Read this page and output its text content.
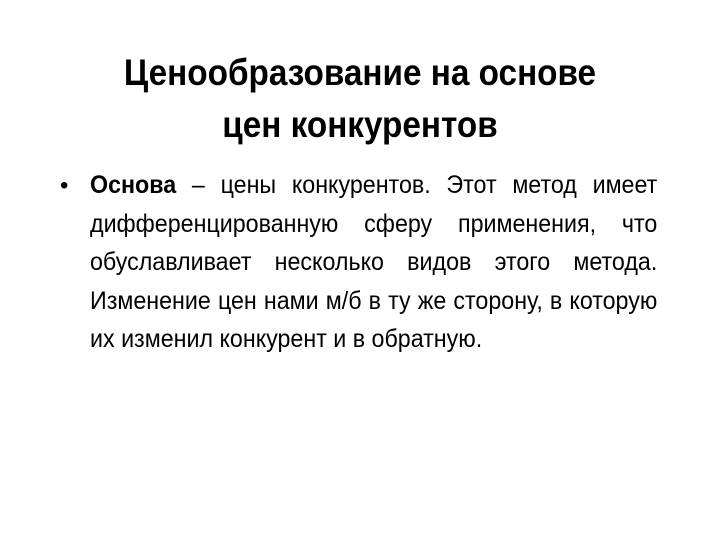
Ценообразование на основе
цен конкурентов
• Основа – цены конкурентов. Этот метод имеет дифференцированную сферу применения, что обуславливает несколько видов этого метода. Изменение цен нами м/б в ту же сторону, в которую их изменил конкурент и в обратную.
